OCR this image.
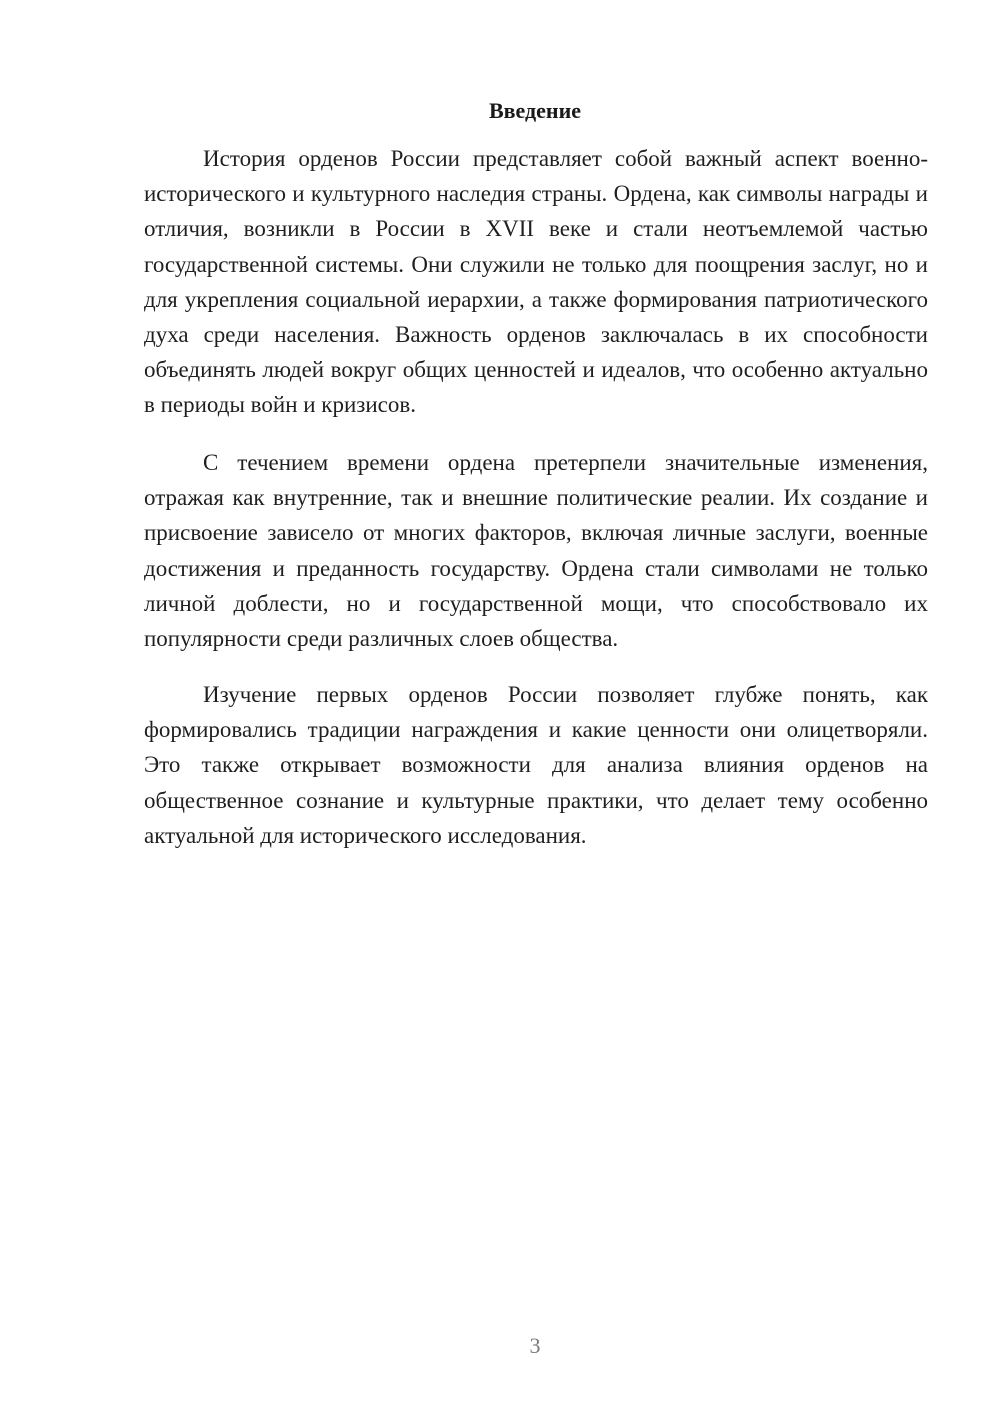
Введение

История орденов России представляет собой важный аспект военно-исторического и культурного наследия страны. Ордена, как символы награды и отличия, возникли в России в XVII веке и стали неотъемлемой частью государственной системы. Они служили не только для поощрения заслуг, но и для укрепления социальной иерархии, а также формирования патриотического духа среди населения. Важность орденов заключалась в их способности объединять людей вокруг общих ценностей и идеалов, что особенно актуально в периоды войн и кризисов.

С течением времени ордена претерпели значительные изменения, отражая как внутренние, так и внешние политические реалии. Их создание и присвоение зависело от многих факторов, включая личные заслуги, военные достижения и преданность государству. Ордена стали символами не только личной доблести, но и государственной мощи, что способствовало их популярности среди различных слоев общества.

Изучение первых орденов России позволяет глубже понять, как формировались традиции награждения и какие ценности они олицетворяли. Это также открывает возможности для анализа влияния орденов на общественное сознание и культурные практики, что делает тему особенно актуальной для исторического исследования.

3
